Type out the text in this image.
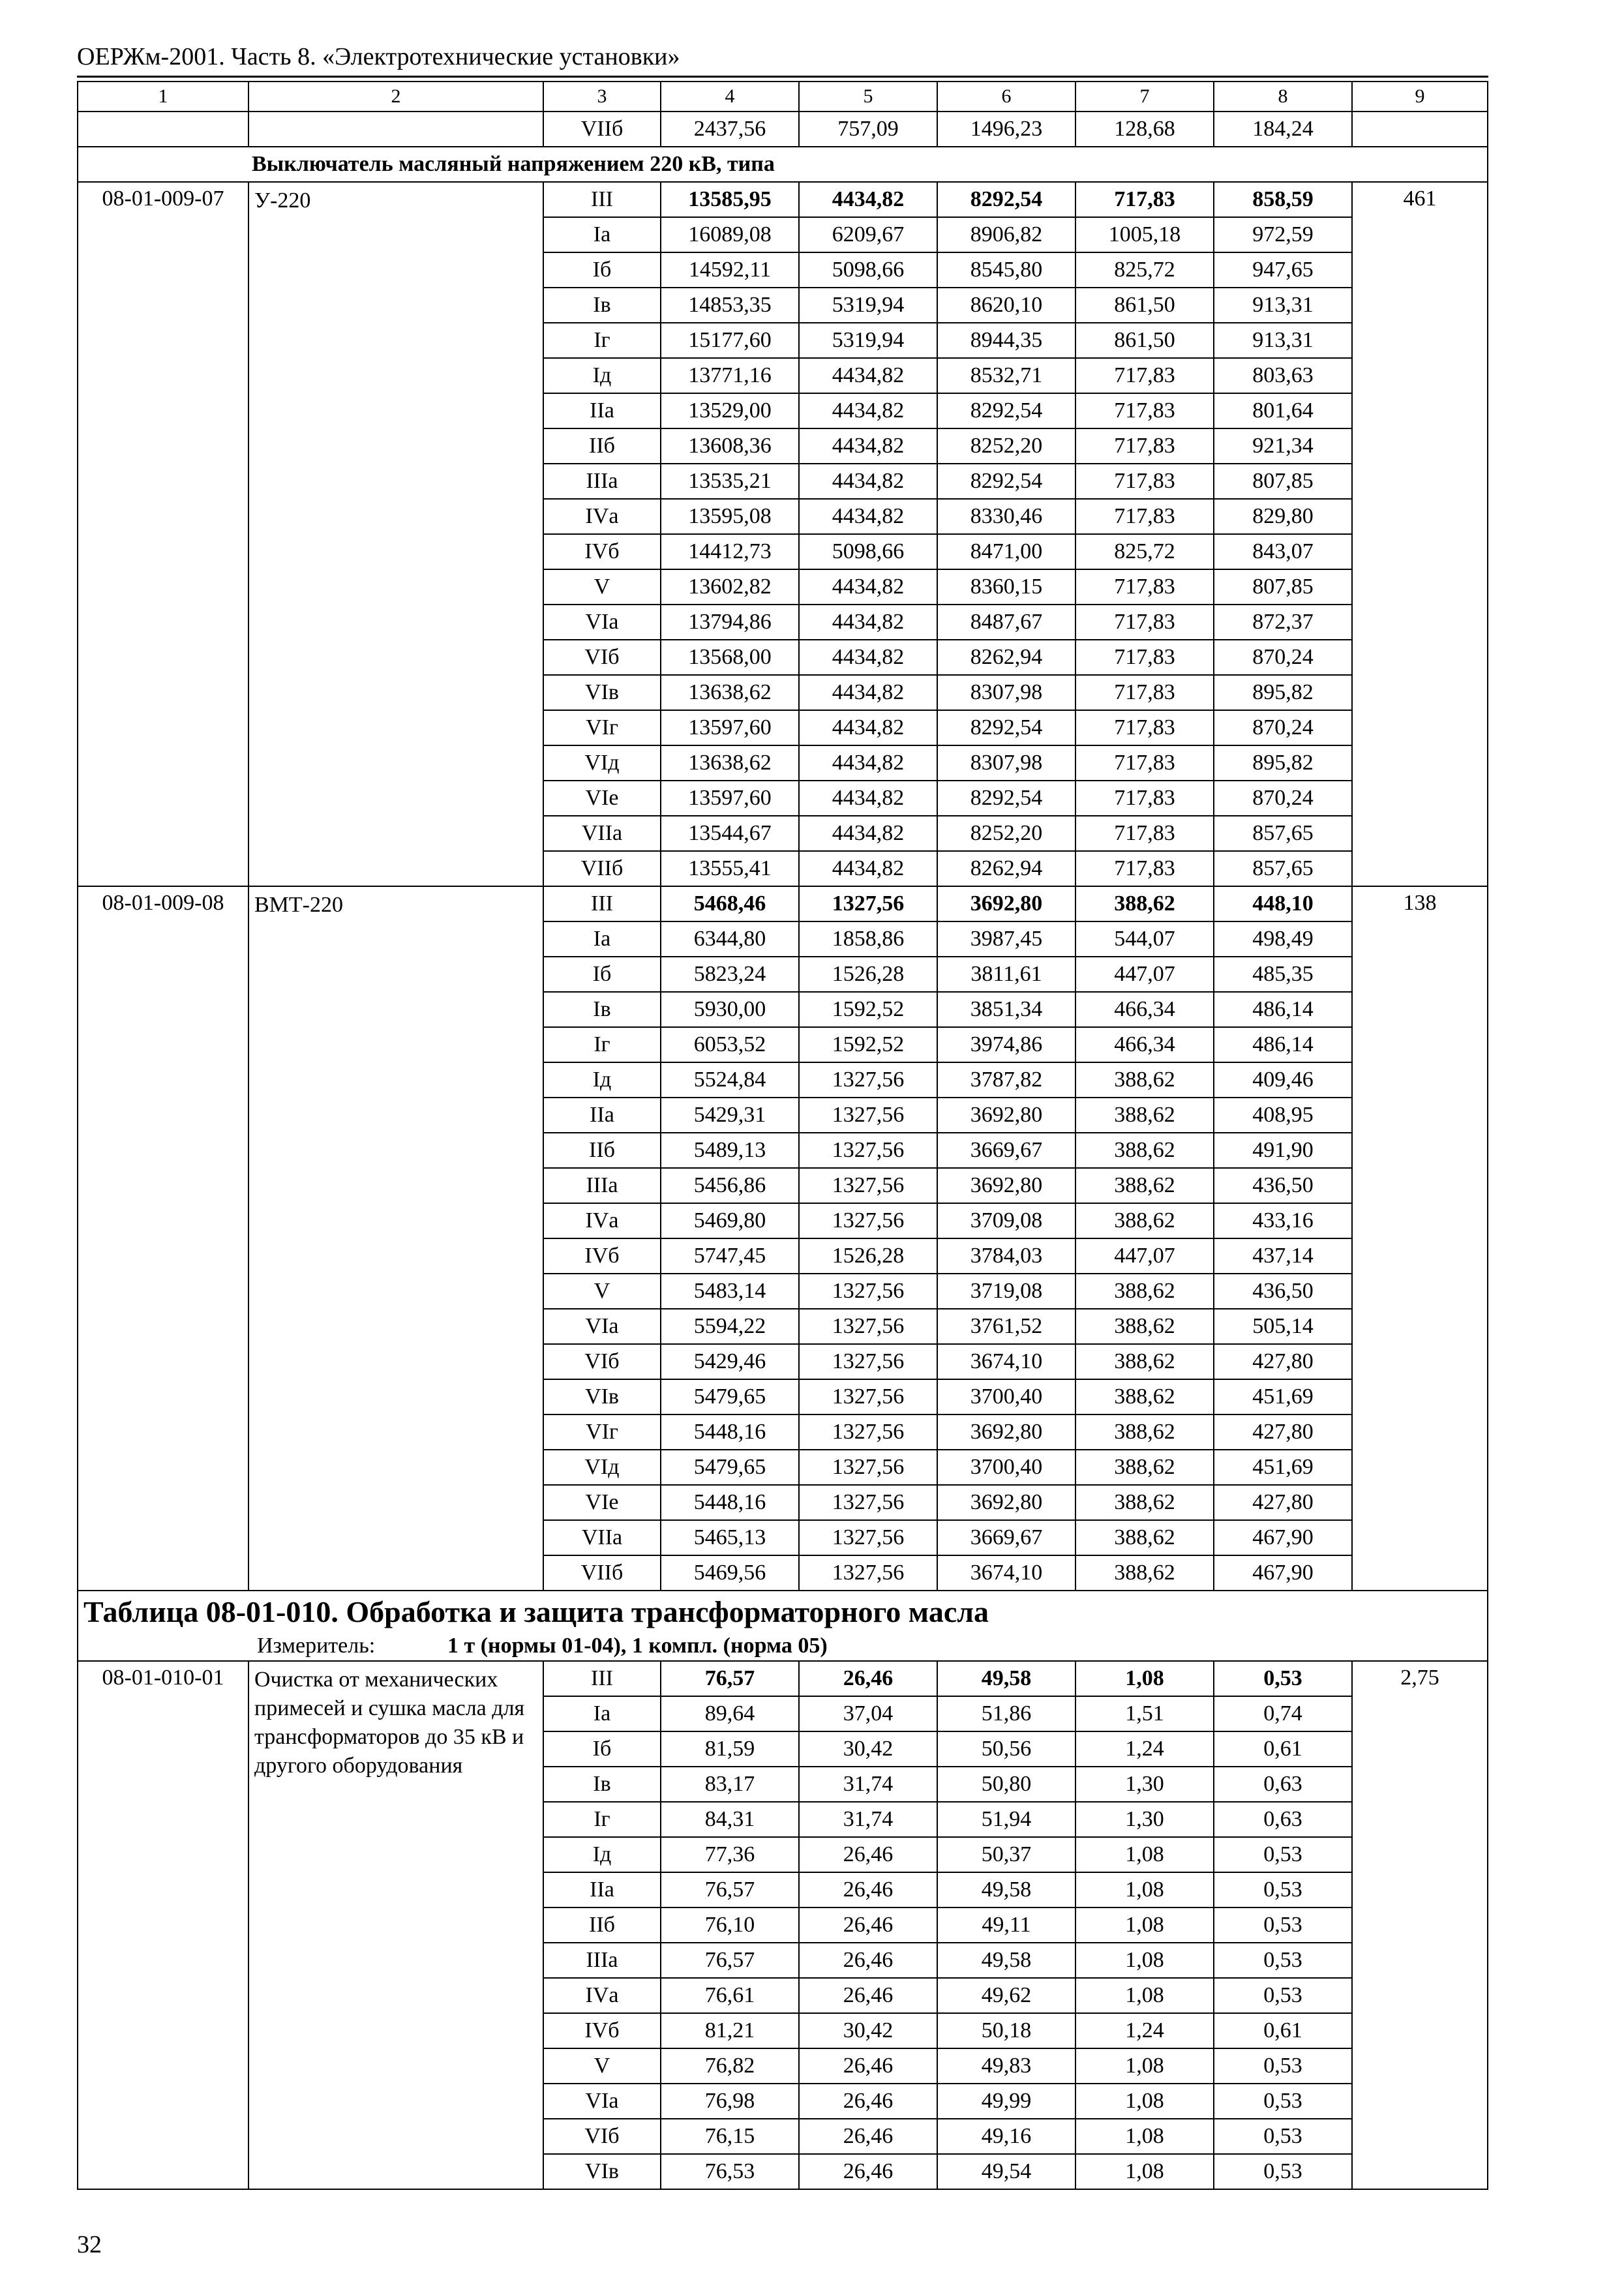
ОЕРЖм-2001. Часть 8. «Электротехнические установки»
1	2	3	4	5	6	7	8	9
		VIIб	2437,56	757,09	1496,23	128,68	184,24	
Выключатель масляный напряжением 220 кВ, типа								
08-01-009-07	У-220	III	13585,95	4434,82	8292,54	717,83	858,59	461
		Iа	16089,08	6209,67	8906,82	1005,18	972,59	
		Iб	14592,11	5098,66	8545,80	825,72	947,65	
		Iв	14853,35	5319,94	8620,10	861,50	913,31	
		Iг	15177,60	5319,94	8944,35	861,50	913,31	
		Iд	13771,16	4434,82	8532,71	717,83	803,63	
		IIа	13529,00	4434,82	8292,54	717,83	801,64	
		IIб	13608,36	4434,82	8252,20	717,83	921,34	
		IIIа	13535,21	4434,82	8292,54	717,83	807,85	
		IVа	13595,08	4434,82	8330,46	717,83	829,80	
		IVб	14412,73	5098,66	8471,00	825,72	843,07	
		V	13602,82	4434,82	8360,15	717,83	807,85	
		VIа	13794,86	4434,82	8487,67	717,83	872,37	
		VIб	13568,00	4434,82	8262,94	717,83	870,24	
		VIв	13638,62	4434,82	8307,98	717,83	895,82	
		VIг	13597,60	4434,82	8292,54	717,83	870,24	
		VIд	13638,62	4434,82	8307,98	717,83	895,82	
		VIе	13597,60	4434,82	8292,54	717,83	870,24	
		VIIа	13544,67	4434,82	8252,20	717,83	857,65	
		VIIб	13555,41	4434,82	8262,94	717,83	857,65	
08-01-009-08	ВМТ-220	III	5468,46	1327,56	3692,80	388,62	448,10	138
		Iа	6344,80	1858,86	3987,45	544,07	498,49	
		Iб	5823,24	1526,28	3811,61	447,07	485,35	
		Iв	5930,00	1592,52	3851,34	466,34	486,14	
		Iг	6053,52	1592,52	3974,86	466,34	486,14	
		Iд	5524,84	1327,56	3787,82	388,62	409,46	
		IIа	5429,31	1327,56	3692,80	388,62	408,95	
		IIб	5489,13	1327,56	3669,67	388,62	491,90	
		IIIа	5456,86	1327,56	3692,80	388,62	436,50	
		IVа	5469,80	1327,56	3709,08	388,62	433,16	
		IVб	5747,45	1526,28	3784,03	447,07	437,14	
		V	5483,14	1327,56	3719,08	388,62	436,50	
		VIа	5594,22	1327,56	3761,52	388,62	505,14	
		VIб	5429,46	1327,56	3674,10	388,62	427,80	
		VIв	5479,65	1327,56	3700,40	388,62	451,69	
		VIг	5448,16	1327,56	3692,80	388,62	427,80	
		VIд	5479,65	1327,56	3700,40	388,62	451,69	
		VIе	5448,16	1327,56	3692,80	388,62	427,80	
		VIIа	5465,13	1327,56	3669,67	388,62	467,90	
		VIIб	5469,56	1327,56	3674,10	388,62	467,90	
Таблица 08-01-010. Обработка и защита трансформаторного масла								
Измеритель: 1 т (нормы 01-04), 1 компл. (норма 05)								
08-01-010-01	Очистка от механических примесей и сушка масла для трансформаторов до 35 кВ и другого оборудования	III	76,57	26,46	49,58	1,08	0,53	2,75
		Iа	89,64	37,04	51,86	1,51	0,74	
		Iб	81,59	30,42	50,56	1,24	0,61	
		Iв	83,17	31,74	50,80	1,30	0,63	
		Iг	84,31	31,74	51,94	1,30	0,63	
		Iд	77,36	26,46	50,37	1,08	0,53	
		IIа	76,57	26,46	49,58	1,08	0,53	
		IIб	76,10	26,46	49,11	1,08	0,53	
		IIIа	76,57	26,46	49,58	1,08	0,53	
		IVа	76,61	26,46	49,62	1,08	0,53	
		IVб	81,21	30,42	50,18	1,24	0,61	
		V	76,82	26,46	49,83	1,08	0,53	
		VIа	76,98	26,46	49,99	1,08	0,53	
		VIб	76,15	26,46	49,16	1,08	0,53	
		VIв	76,53	26,46	49,54	1,08	0,53	
32
